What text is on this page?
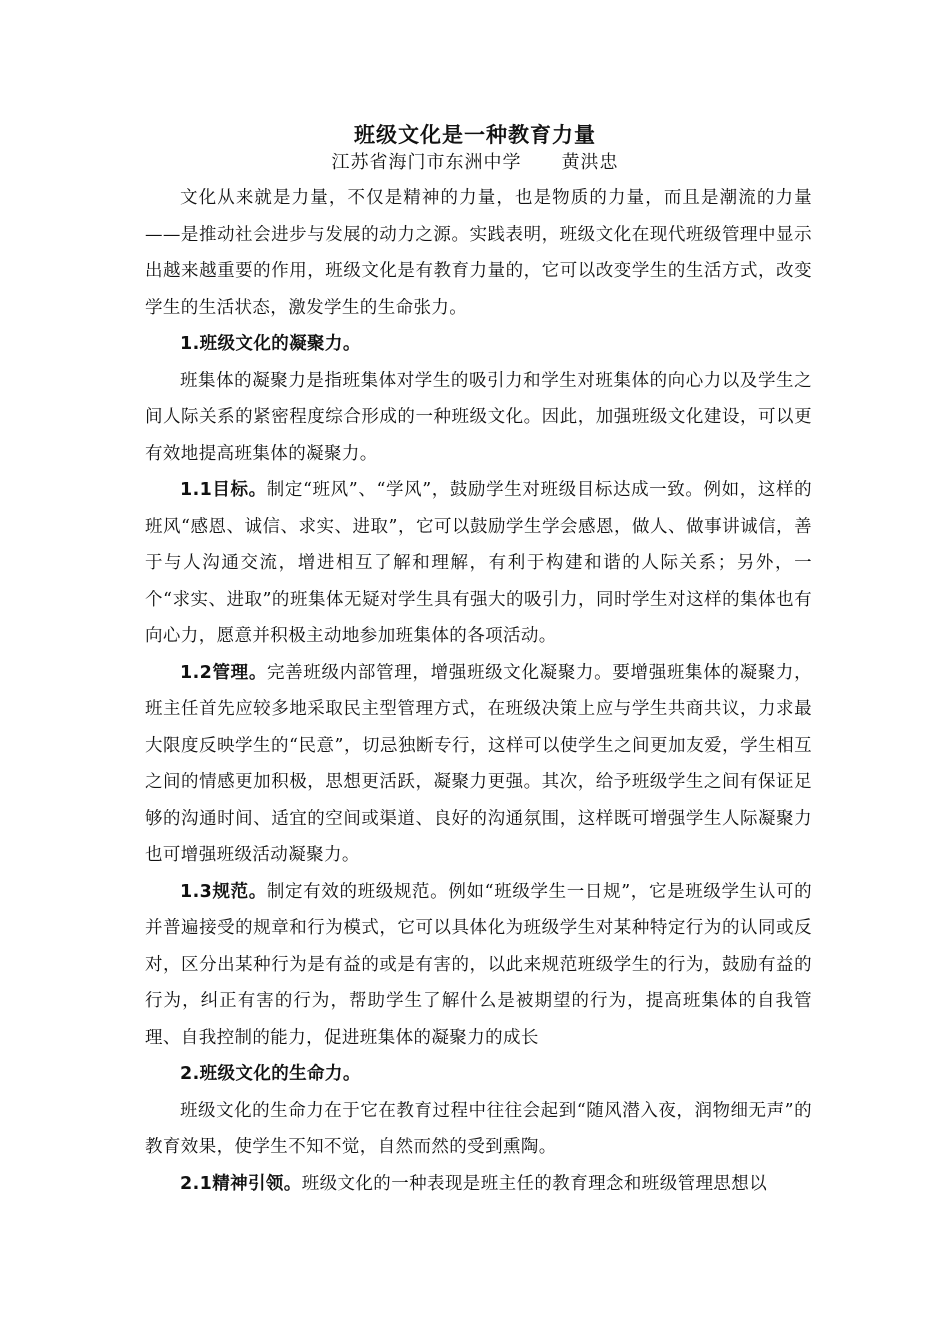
班级文化是一种教育力量
江苏省海门市东洲中学 黄洪忠

文化从来就是力量，不仅是精神的力量，也是物质的力量，而且是潮流的力量——是推动社会进步与发展的动力之源。实践表明，班级文化在现代班级管理中显示出越来越重要的作用，班级文化是有教育力量的，它可以改变学生的生活方式，改变学生的生活状态，激发学生的生命张力。

1.班级文化的凝聚力。

班集体的凝聚力是指班集体对学生的吸引力和学生对班集体的向心力以及学生之间人际关系的紧密程度综合形成的一种班级文化。因此，加强班级文化建设，可以更有效地提高班集体的凝聚力。

1.1目标。制定“班风”、“学风”，鼓励学生对班级目标达成一致。例如，这样的班风“感恩、诚信、求实、进取”，它可以鼓励学生学会感恩，做人、做事讲诚信，善于与人沟通交流，增进相互了解和理解，有利于构建和谐的人际关系；另外，一个“求实、进取”的班集体无疑对学生具有强大的吸引力，同时学生对这样的集体也有向心力，愿意并积极主动地参加班集体的各项活动。

1.2管理。完善班级内部管理，增强班级文化凝聚力。要增强班集体的凝聚力，班主任首先应较多地采取民主型管理方式，在班级决策上应与学生共商共议，力求最大限度反映学生的“民意”，切忌独断专行，这样可以使学生之间更加友爱，学生相互之间的情感更加积极，思想更活跃，凝聚力更强。其次，给予班级学生之间有保证足够的沟通时间、适宜的空间或渠道、良好的沟通氛围，这样既可增强学生人际凝聚力也可增强班级活动凝聚力。

1.3规范。制定有效的班级规范。例如“班级学生一日规”，它是班级学生认可的并普遍接受的规章和行为模式，它可以具体化为班级学生对某种特定行为的认同或反对，区分出某种行为是有益的或是有害的，以此来规范班级学生的行为，鼓励有益的行为，纠正有害的行为，帮助学生了解什么是被期望的行为，提高班集体的自我管理、自我控制的能力，促进班集体的凝聚力的成长

2.班级文化的生命力。

班级文化的生命力在于它在教育过程中往往会起到“随风潜入夜，润物细无声”的教育效果，使学生不知不觉，自然而然的受到熏陶。

2.1精神引领。班级文化的一种表现是班主任的教育理念和班级管理思想以
